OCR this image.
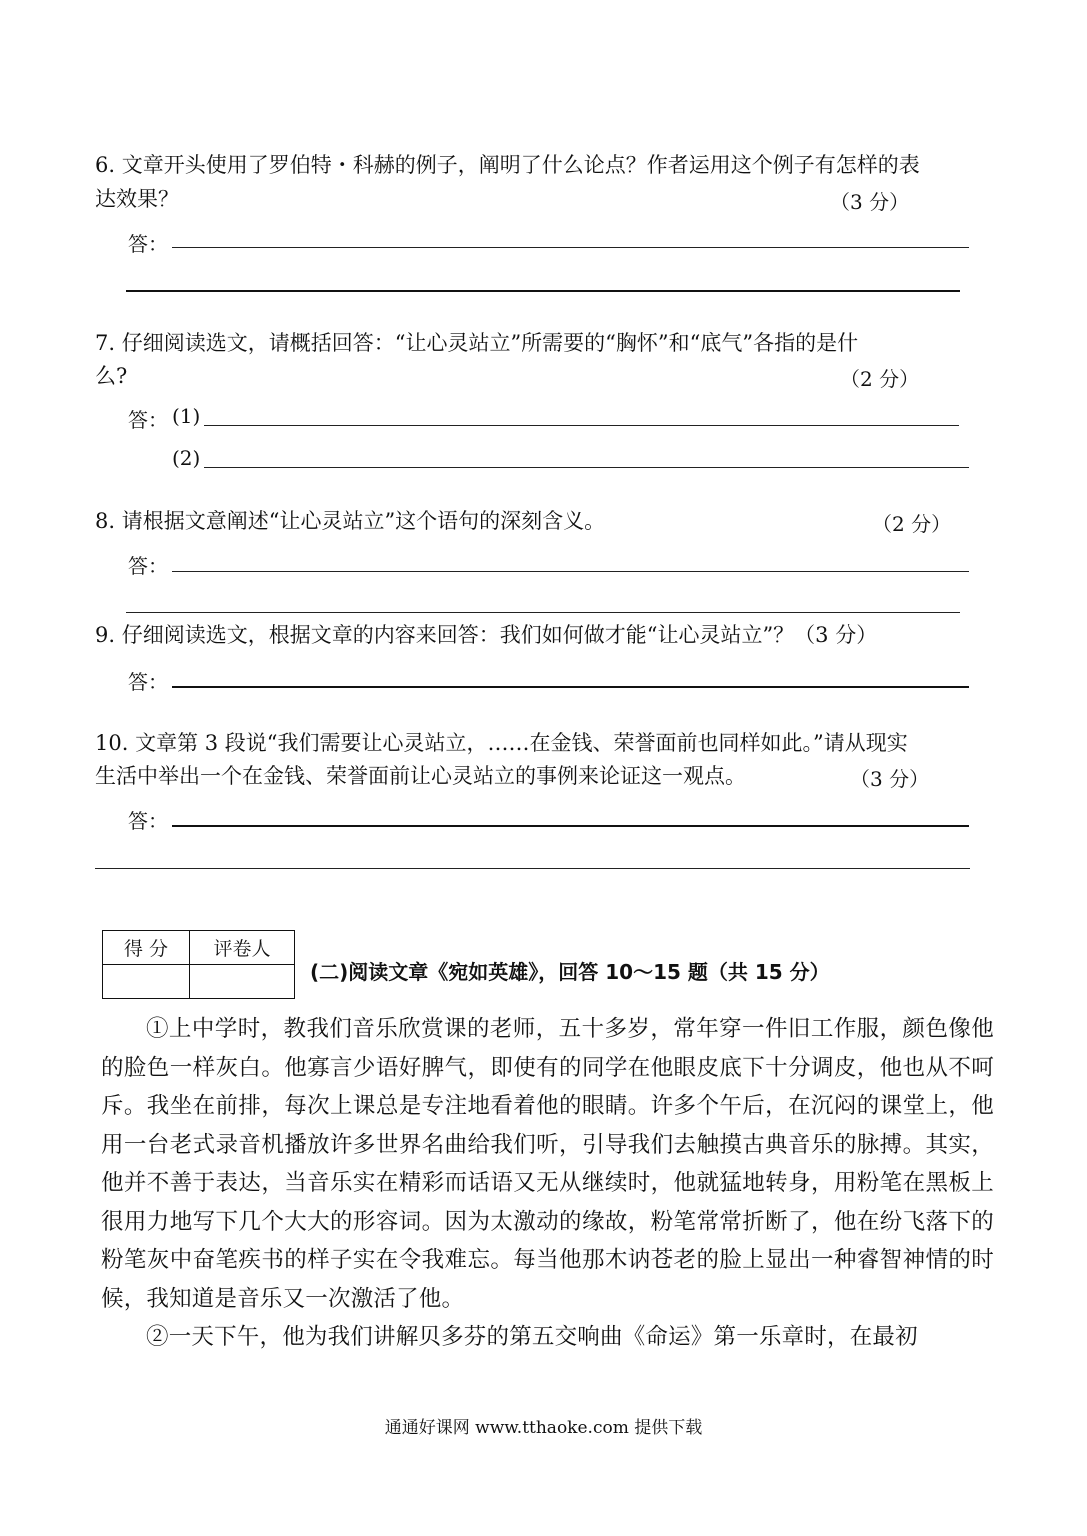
6. 文章开头使用了罗伯特・科赫的例子，阐明了什么论点？作者运用这个例子有怎样的表
达效果？	（3 分）
答：
7. 仔细阅读选文，请概括回答：“让心灵站立”所需要的“胸怀”和“底气”各指的是什
么?	（2 分）
答： (1)
(2)
8. 请根据文意阐述“让心灵站立”这个语句的深刻含义。	（2 分）
答：
9. 仔细阅读选文，根据文章的内容来回答：我们如何做才能“让心灵站立”？（3 分）
答：
10. 文章第 3 段说“我们需要让心灵站立，……在金钱、荣誉面前也同样如此。”请从现实
生活中举出一个在金钱、荣誉面前让心灵站立的事例来论证这一观点。	（3 分）
答：
得 分	评卷人

(二)阅读文章《宛如英雄》，回答 10～15 题（共 15 分）
①上中学时，教我们音乐欣赏课的老师，五十多岁，常年穿一件旧工作服，颜色像他的脸色一样灰白。他寡言少语好脾气，即使有的同学在他眼皮底下十分调皮，他也从不呵斥。我坐在前排，每次上课总是专注地看着他的眼睛。许多个午后，在沉闷的课堂上，他用一台老式录音机播放许多世界名曲给我们听，引导我们去触摸古典音乐的脉搏。其实，他并不善于表达，当音乐实在精彩而话语又无从继续时，他就猛地转身，用粉笔在黑板上很用力地写下几个大大的形容词。因为太激动的缘故，粉笔常常折断了，他在纷飞落下的粉笔灰中奋笔疾书的样子实在令我难忘。每当他那木讷苍老的脸上显出一种睿智神情的时候，我知道是音乐又一次激活了他。
②一天下午，他为我们讲解贝多芬的第五交响曲《命运》第一乐章时，在最初
通通好课网 www.tthaoke.com 提供下载
